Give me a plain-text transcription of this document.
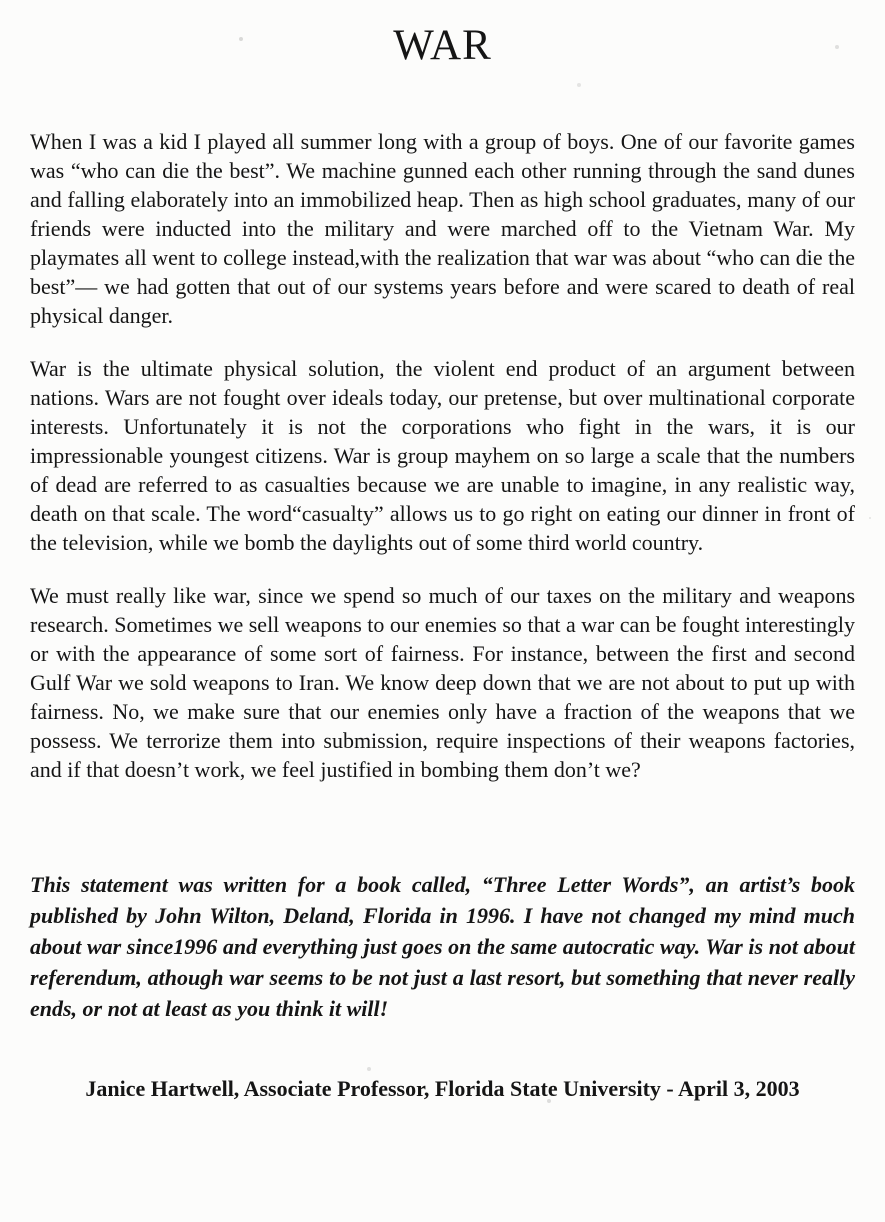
WAR

When I was a kid I played all summer long with a group of boys. One of our favorite games was “who can die the best”. We machine gunned each other running through the sand dunes and falling elaborately into an immobilized heap. Then as high school graduates, many of our friends were inducted into the military and were marched off to the Vietnam War. My playmates all went to college instead,with the realization that war was about “who can die the best”— we had gotten that out of our systems years before and were scared to death of real physical danger.

War is the ultimate physical solution, the violent end product of an argument between nations. Wars are not fought over ideals today, our pretense, but over multinational corporate interests. Unfortunately it is not the corporations who fight in the wars, it is our impressionable youngest citizens. War is group mayhem on so large a scale that the numbers of dead are referred to as casualties because we are unable to imagine, in any realistic way, death on that scale. The word“casualty” allows us to go right on eating our dinner in front of the television, while we bomb the daylights out of some third world country.

We must really like war, since we spend so much of our taxes on the military and weapons research. Sometimes we sell weapons to our enemies so that a war can be fought interestingly or with the appearance of some sort of fairness. For instance, between the first and second Gulf War we sold weapons to Iran. We know deep down that we are not about to put up with fairness. No, we make sure that our enemies only have a fraction of the weapons that we possess. We terrorize them into submission, require inspections of their weapons factories, and if that doesn’t work, we feel justified in bombing them don’t we?

This statement was written for a book called, “Three Letter Words”, an artist’s book published by John Wilton, Deland, Florida in 1996. I have not changed my mind much about war since1996 and everything just goes on the same autocratic way. War is not about referendum, athough war seems to be not just a last resort, but something that never really ends, or not at least as you think it will!

Janice Hartwell, Associate Professor, Florida State University - April 3, 2003
